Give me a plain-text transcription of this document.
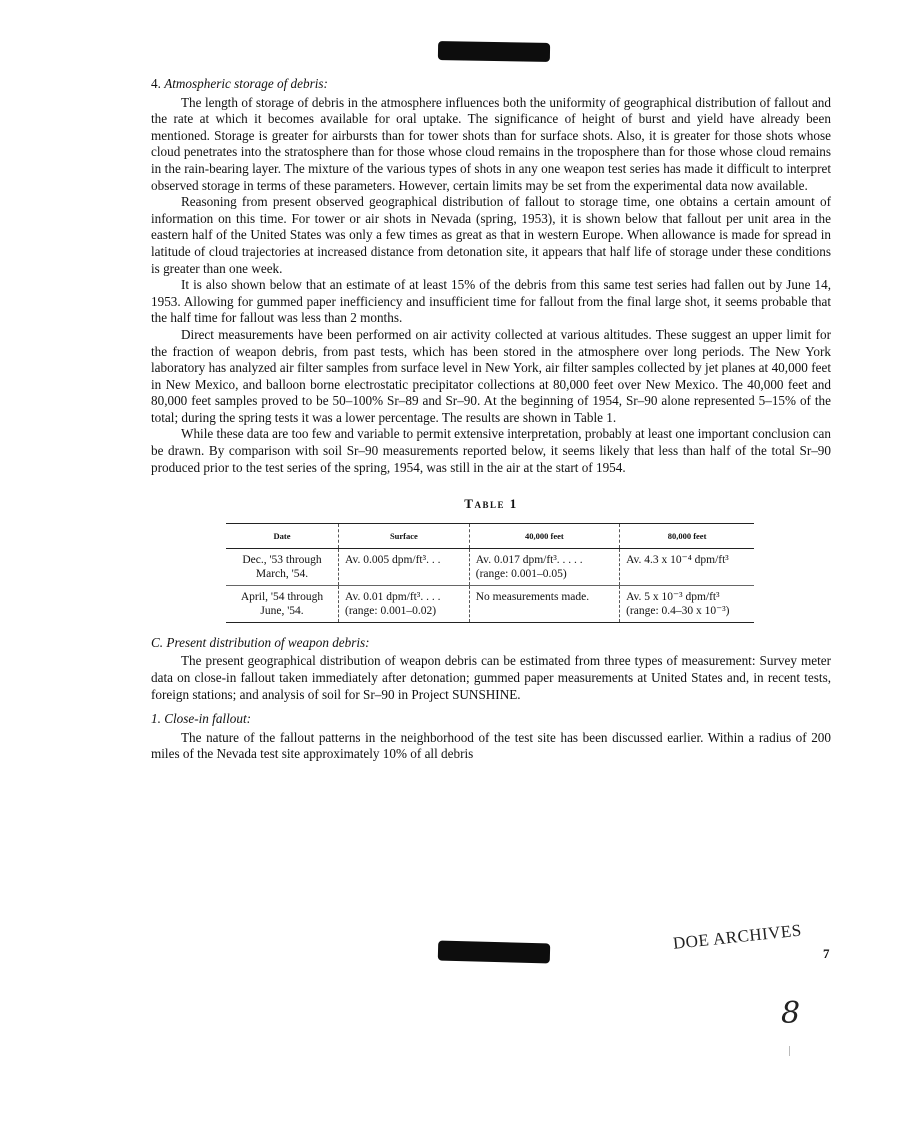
4. Atmospheric storage of debris:

The length of storage of debris in the atmosphere influences both the uniformity of geographical distribution of fallout and the rate at which it becomes available for oral uptake. The significance of height of burst and yield have already been mentioned. Storage is greater for airbursts than for tower shots than for surface shots. Also, it is greater for those shots whose cloud penetrates into the stratosphere than for those whose cloud remains in the troposphere than for those whose cloud remains in the rain-bearing layer. The mixture of the various types of shots in any one weapon test series has made it difficult to interpret observed storage in terms of these parameters. However, certain limits may be set from the experimental data now available.

Reasoning from present observed geographical distribution of fallout to storage time, one obtains a certain amount of information on this time. For tower or air shots in Nevada (spring, 1953), it is shown below that fallout per unit area in the eastern half of the United States was only a few times as great as that in western Europe. When allowance is made for spread in latitude of cloud trajectories at increased distance from detonation site, it appears that half life of storage under these conditions is greater than one week.

It is also shown below that an estimate of at least 15% of the debris from this same test series had fallen out by June 14, 1953. Allowing for gummed paper inefficiency and insufficient time for fallout from the final large shot, it seems probable that the half time for fallout was less than 2 months.

Direct measurements have been performed on air activity collected at various altitudes. These suggest an upper limit for the fraction of weapon debris, from past tests, which has been stored in the atmosphere over long periods. The New York laboratory has analyzed air filter samples from surface level in New York, air filter samples collected by jet planes at 40,000 feet in New Mexico, and balloon borne electrostatic precipitator collections at 80,000 feet over New Mexico. The 40,000 feet and 80,000 feet samples proved to be 50–100% Sr–89 and Sr–90. At the beginning of 1954, Sr–90 alone represented 5–15% of the total; during the spring tests it was a lower percentage. The results are shown in Table 1.

While these data are too few and variable to permit extensive interpretation, probably at least one important conclusion can be drawn. By comparison with soil Sr–90 measurements reported below, it seems likely that less than half of the total Sr–90 produced prior to the test series of the spring, 1954, was still in the air at the start of 1954.

Table 1
Date	Surface	40,000 feet	80,000 feet
Dec., '53 through March, '54.	Av. 0.005 dpm/ft³. . .	Av. 0.017 dpm/ft³. . . . . (range: 0.001–0.05)	Av. 4.3 x 10⁻⁴ dpm/ft³
April, '54 through June, '54.	Av. 0.01 dpm/ft³. . . . (range: 0.001–0.02)	No measurements made.	Av. 5 x 10⁻³ dpm/ft³ (range: 0.4–30 x 10⁻³)
C. Present distribution of weapon debris:

The present geographical distribution of weapon debris can be estimated from three types of measurement: Survey meter data on close-in fallout taken immediately after detonation; gummed paper measurements at United States and, in recent tests, foreign stations; and analysis of soil for Sr–90 in Project SUNSHINE.

1. Close-in fallout:

The nature of the fallout patterns in the neighborhood of the test site has been discussed earlier. Within a radius of 200 miles of the Nevada test site approximately 10% of all debris

DOE ARCHIVES
7
8
